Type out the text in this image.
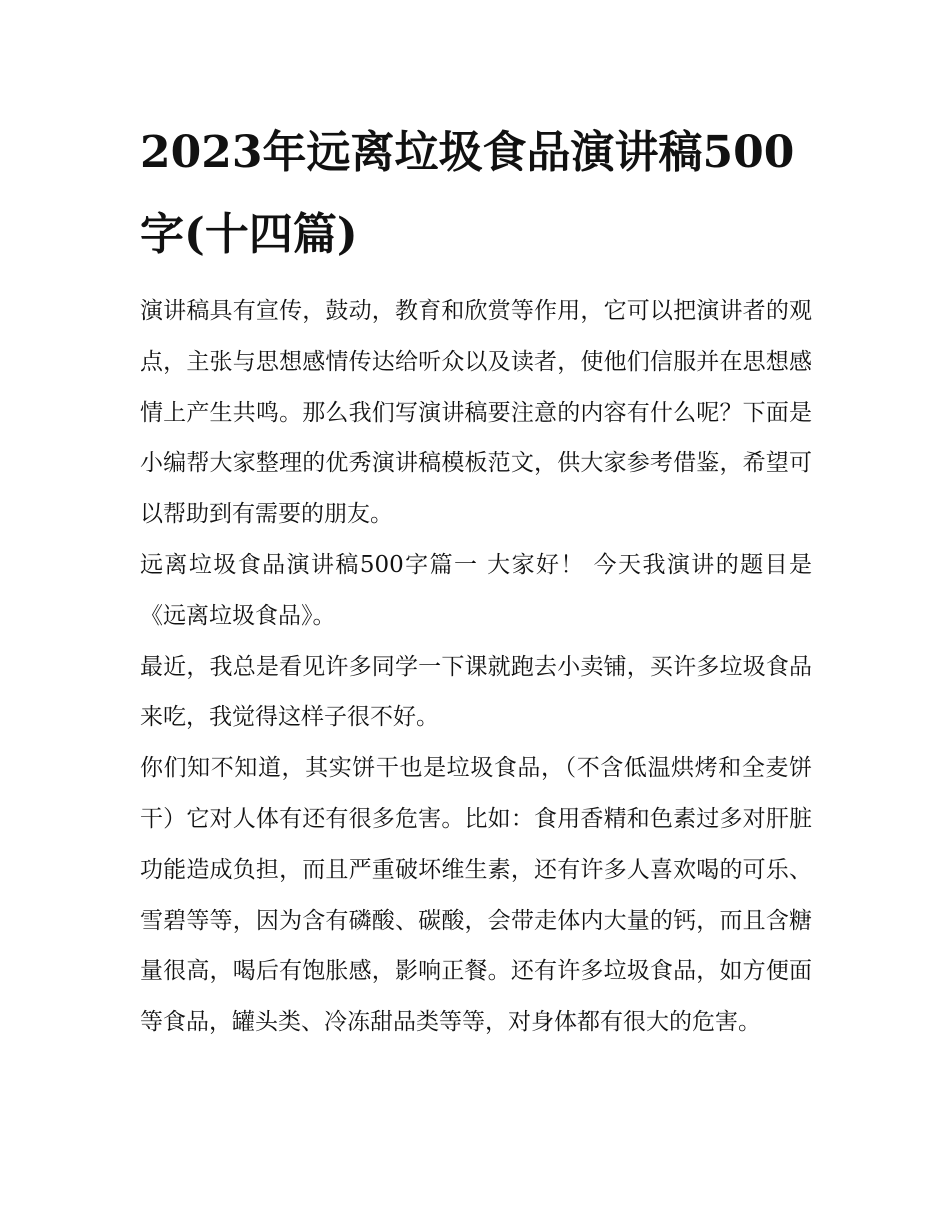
2023年远离垃圾食品演讲稿500字(十四篇)

演讲稿具有宣传，鼓动，教育和欣赏等作用，它可以把演讲者的观点，主张与思想感情传达给听众以及读者，使他们信服并在思想感情上产生共鸣。那么我们写演讲稿要注意的内容有什么呢？下面是小编帮大家整理的优秀演讲稿模板范文，供大家参考借鉴，希望可以帮助到有需要的朋友。

远离垃圾食品演讲稿500字篇一 大家好！ 今天我演讲的题目是《远离垃圾食品》。

最近，我总是看见许多同学一下课就跑去小卖铺，买许多垃圾食品来吃，我觉得这样子很不好。

你们知不知道，其实饼干也是垃圾食品，（不含低温烘烤和全麦饼干）它对人体有还有很多危害。比如：食用香精和色素过多对肝脏功能造成负担，而且严重破坏维生素，还有许多人喜欢喝的可乐、雪碧等等，因为含有磷酸、碳酸，会带走体内大量的钙，而且含糖量很高，喝后有饱胀感，影响正餐。还有许多垃圾食品，如方便面等食品，罐头类、冷冻甜品类等等，对身体都有很大的危害。
